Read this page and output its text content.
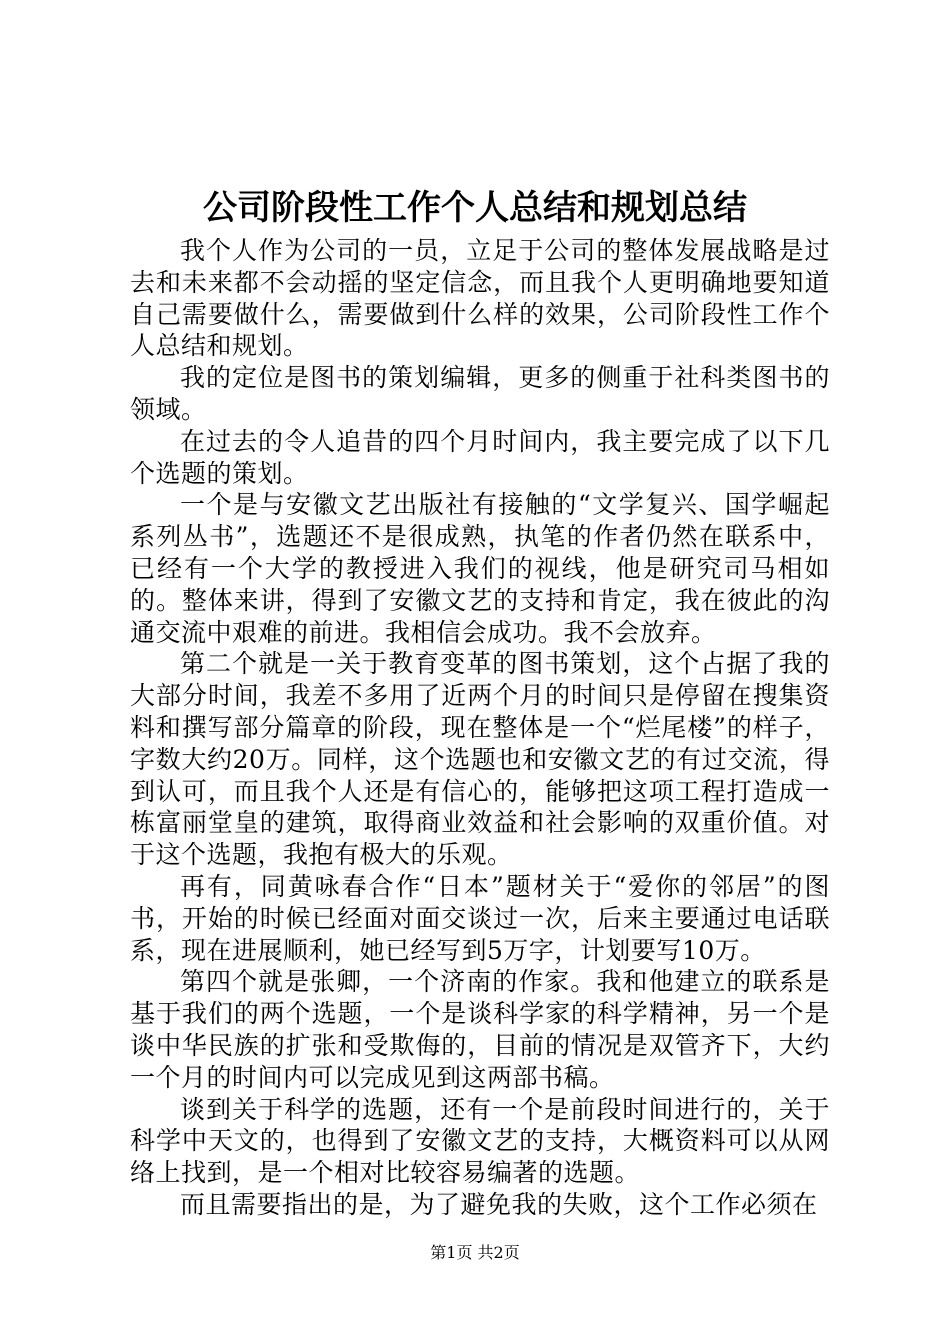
公司阶段性工作个人总结和规划总结

我个人作为公司的一员，立足于公司的整体发展战略是过去和未来都不会动摇的坚定信念，而且我个人更明确地要知道自己需要做什么，需要做到什么样的效果，公司阶段性工作个人总结和规划。

我的定位是图书的策划编辑，更多的侧重于社科类图书的领域。

在过去的令人追昔的四个月时间内，我主要完成了以下几个选题的策划。

一个是与安徽文艺出版社有接触的“文学复兴、国学崛起系列丛书”，选题还不是很成熟，执笔的作者仍然在联系中，已经有一个大学的教授进入我们的视线，他是研究司马相如的。整体来讲，得到了安徽文艺的支持和肯定，我在彼此的沟通交流中艰难的前进。我相信会成功。我不会放弃。

第二个就是一关于教育变革的图书策划，这个占据了我的大部分时间，我差不多用了近两个月的时间只是停留在搜集资料和撰写部分篇章的阶段，现在整体是一个“烂尾楼”的样子，字数大约20万。同样，这个选题也和安徽文艺的有过交流，得到认可，而且我个人还是有信心的，能够把这项工程打造成一栋富丽堂皇的建筑，取得商业效益和社会影响的双重价值。对于这个选题，我抱有极大的乐观。

再有，同黄咏春合作“日本”题材关于“爱你的邻居”的图书，开始的时候已经面对面交谈过一次，后来主要通过电话联系，现在进展顺利，她已经写到5万字，计划要写10万。

第四个就是张卿，一个济南的作家。我和他建立的联系是基于我们的两个选题，一个是谈科学家的科学精神，另一个是谈中华民族的扩张和受欺侮的，目前的情况是双管齐下，大约一个月的时间内可以完成见到这两部书稿。

谈到关于科学的选题，还有一个是前段时间进行的，关于科学中天文的，也得到了安徽文艺的支持，大概资料可以从网络上找到，是一个相对比较容易编著的选题。

而且需要指出的是，为了避免我的失败，这个工作必须在

第1页 共2页
